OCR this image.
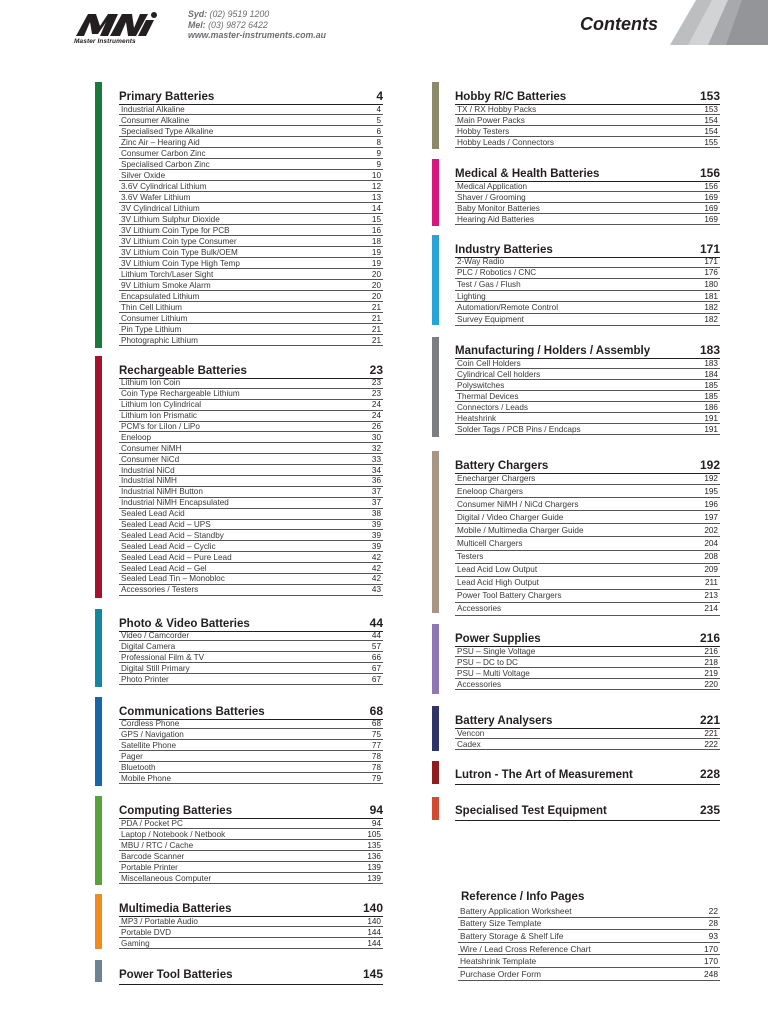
Master Instruments
Syd: (02) 9519 1200
Mel: (03) 9872 6422
www.master-instruments.com.au
Contents
Primary Batteries	4
Industrial Alkaline	4
Consumer Alkaline	5
Specialised Type Alkaline	6
Zinc Air – Hearing Aid	8
Consumer Carbon Zinc	9
Specialised Carbon Zinc	9
Silver Oxide	10
3.6V Cylindrical Lithium	12
3.6V Wafer Lithium	13
3V Cylindrical Lithium	14
3V Lithium Sulphur Dioxide	15
3V Lithium Coin Type for PCB	16
3V Lithium Coin type Consumer	18
3V Lithium Coin Type Bulk/OEM	19
3V Lithium Coin Type High Temp	19
Lithium Torch/Laser Sight	20
9V Lithium Smoke Alarm	20
Encapsulated Lithium	20
Thin Cell Lithium	21
Consumer Lithium	21
Pin Type Lithium	21
Photographic Lithium	21
Rechargeable Batteries	23
Lithium Ion Coin	23
Coin Type Rechargeable Lithium	23
Lithium Ion Cylindrical	24
Lithium Ion Prismatic	24
PCM's for LiIon / LiPo	26
Eneloop	30
Consumer NiMH	32
Consumer NiCd	33
Industrial NiCd	34
Industrial NiMH	36
Industrial NiMH Button	37
Industrial NiMH Encapsulated	37
Sealed Lead Acid	38
Sealed Lead Acid – UPS	39
Sealed Lead Acid – Standby	39
Sealed Lead Acid – Cyclic	39
Sealed Lead Acid – Pure Lead	42
Sealed Lead Acid – Gel	42
Sealed Lead Tin – Monobloc	42
Accessories / Testers	43
Photo & Video Batteries	44
Video / Camcorder	44
Digital Camera	57
Professional Film & TV	66
Digital Still Primary	67
Photo Printer	67
Communications Batteries	68
Cordless Phone	68
GPS / Navigation	75
Satellite Phone	77
Pager	78
Bluetooth	78
Mobile Phone	79
Computing Batteries	94
PDA / Pocket PC	94
Laptop / Notebook / Netbook	105
MBU / RTC / Cache	135
Barcode Scanner	136
Portable Printer	139
Miscellaneous Computer	139
Multimedia Batteries	140
MP3 / Portable Audio	140
Portable DVD	144
Gaming	144
Power Tool Batteries	145
Hobby R/C Batteries	153
TX / RX Hobby Packs	153
Main Power Packs	154
Hobby Testers	154
Hobby Leads / Connectors	155
Medical & Health Batteries	156
Medical Application	156
Shaver / Grooming	169
Baby Monitor Batteries	169
Hearing Aid Batteries	169
Industry Batteries	171
2-Way Radio	171
PLC / Robotics / CNC	176
Test / Gas / Flush	180
Lighting	181
Automation/Remote Control	182
Survey Equipment	182
Manufacturing / Holders / Assembly	183
Coin Cell Holders	183
Cylindrical Cell holders	184
Polyswitches	185
Thermal Devices	185
Connectors / Leads	186
Heatshrink	191
Solder Tags / PCB Pins / Endcaps	191
Battery Chargers	192
Enecharger Chargers	192
Eneloop Chargers	195
Consumer NiMH / NiCd Chargers	196
Digital / Video Charger Guide	197
Mobile / Multimedia Charger Guide	202
Multicell Chargers	204
Testers	208
Lead Acid Low Output	209
Lead Acid High Output	211
Power Tool Battery Chargers	213
Accessories	214
Power Supplies	216
PSU – Single Voltage	216
PSU – DC to DC	218
PSU – Multi Voltage	219
Accessories	220
Battery Analysers	221
Vencon	221
Cadex	222
Lutron - The Art of Measurement	228
Specialised Test Equipment	235
Reference / Info Pages
Battery Application Worksheet	22
Battery Size Template	28
Battery Storage & Shelf Life	93
Wire / Lead Cross Reference Chart	170
Heatshrink Template	170
Purchase Order Form	248
